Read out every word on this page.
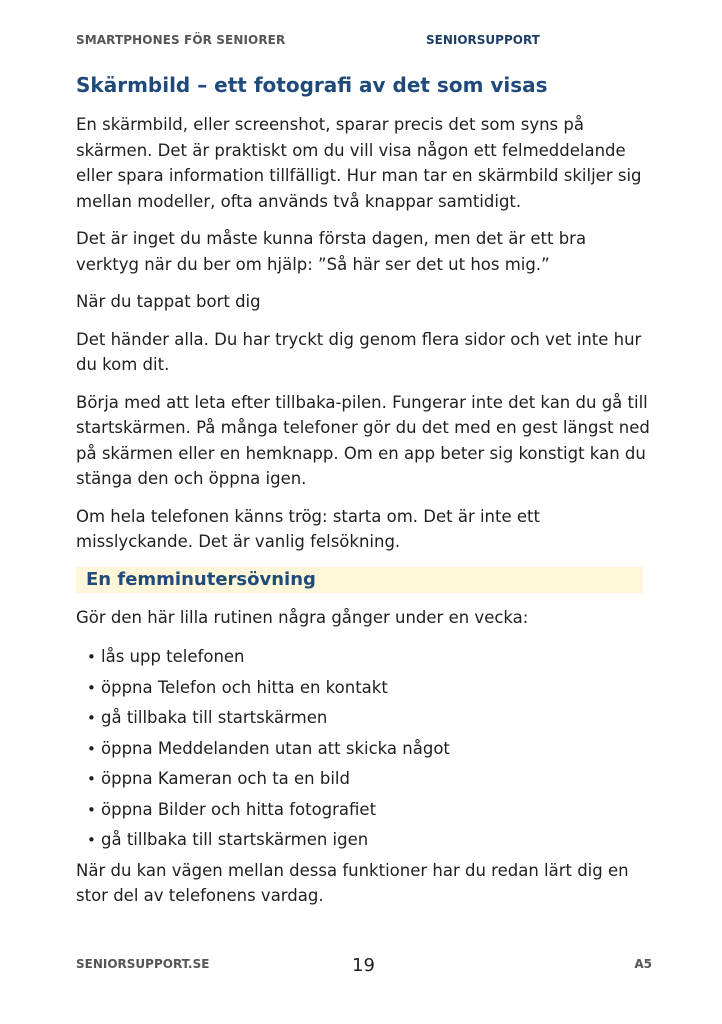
SMARTPHONES FÖR SENIORER	SENIORSUPPORT
Skärmbild – ett fotografi av det som visas

En skärmbild, eller screenshot, sparar precis det som syns på skärmen. Det är praktiskt om du vill visa någon ett felmeddelande eller spara information tillfälligt. Hur man tar en skärmbild skiljer sig mellan modeller, ofta används två knappar samtidigt.

Det är inget du måste kunna första dagen, men det är ett bra verktyg när du ber om hjälp: ”Så här ser det ut hos mig.”

När du tappat bort dig

Det händer alla. Du har tryckt dig genom flera sidor och vet inte hur du kom dit.

Börja med att leta efter tillbaka-pilen. Fungerar inte det kan du gå till startskärmen. På många telefoner gör du det med en gest längst ned på skärmen eller en hemknapp. Om en app beter sig konstigt kan du stänga den och öppna igen.

Om hela telefonen känns trög: starta om. Det är inte ett misslyckande. Det är vanlig felsökning.

En femminutersövning

Gör den här lilla rutinen några gånger under en vecka:

• lås upp telefonen
• öppna Telefon och hitta en kontakt
• gå tillbaka till startskärmen
• öppna Meddelanden utan att skicka något
• öppna Kameran och ta en bild
• öppna Bilder och hitta fotografiet
• gå tillbaka till startskärmen igen

När du kan vägen mellan dessa funktioner har du redan lärt dig en stor del av telefonens vardag.

SENIORSUPPORT.SE	19	A5
